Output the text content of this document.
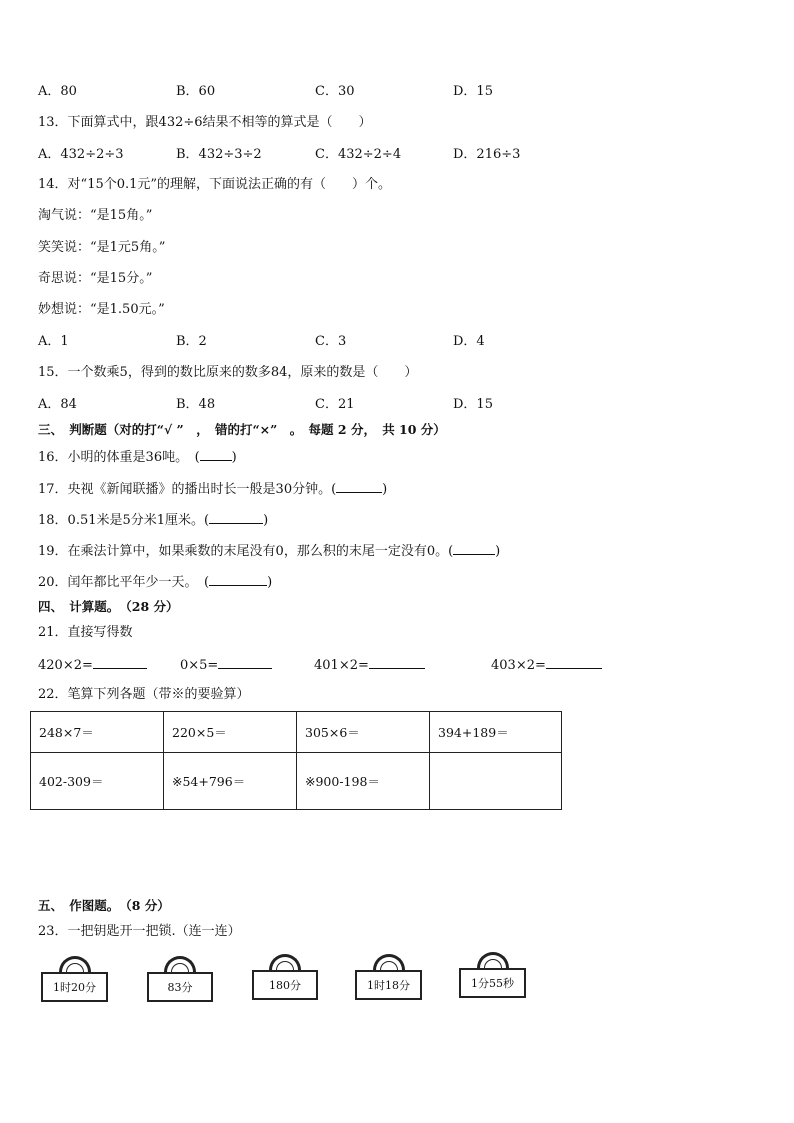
A．80	B．60	C．30	D．15
13．下面算式中，跟432÷6结果不相等的算式是（　　）
A．432÷2÷3	B．432÷3÷2	C．432÷2÷4	D．216÷3
14．对“15个0.1元”的理解，下面说法正确的有（　　）个。
淘气说：“是15角。”
笑笑说：“是1元5角。”
奇思说：“是15分。”
妙想说：“是1.50元。”
A．1	B．2	C．3	D．4
15．一个数乘5，得到的数比原来的数多84，原来的数是（　　）
A．84	B．48	C．21	D．15
三、　判断题（对的打“√ ”　，　错的打“×”　。　每题 2 分，　共 10 分）
16．小明的体重是36吨。　( )
17．央视《新闻联播》的播出时长一般是30分钟。(	)
18．0.51米是5分米1厘米。(	)
19．在乘法计算中，如果乘数的末尾没有0，那么积的末尾一定没有0。(	)
20．闰年都比平年少一天。　(	)
四、　计算题。　（28 分）
21．直接写得数
420×2=	0×5=	401×2=	403×2=
22．笔算下列各题（带※的要验算）
248×7＝	220×5＝	305×6＝	394+189＝
402-309＝	※54+796＝	※900-198＝	
五、　作图题。　（8 分）
23．一把钥匙开一把锁.（连一连）
1时20分	83分	180分	1时18分	1分55秒
